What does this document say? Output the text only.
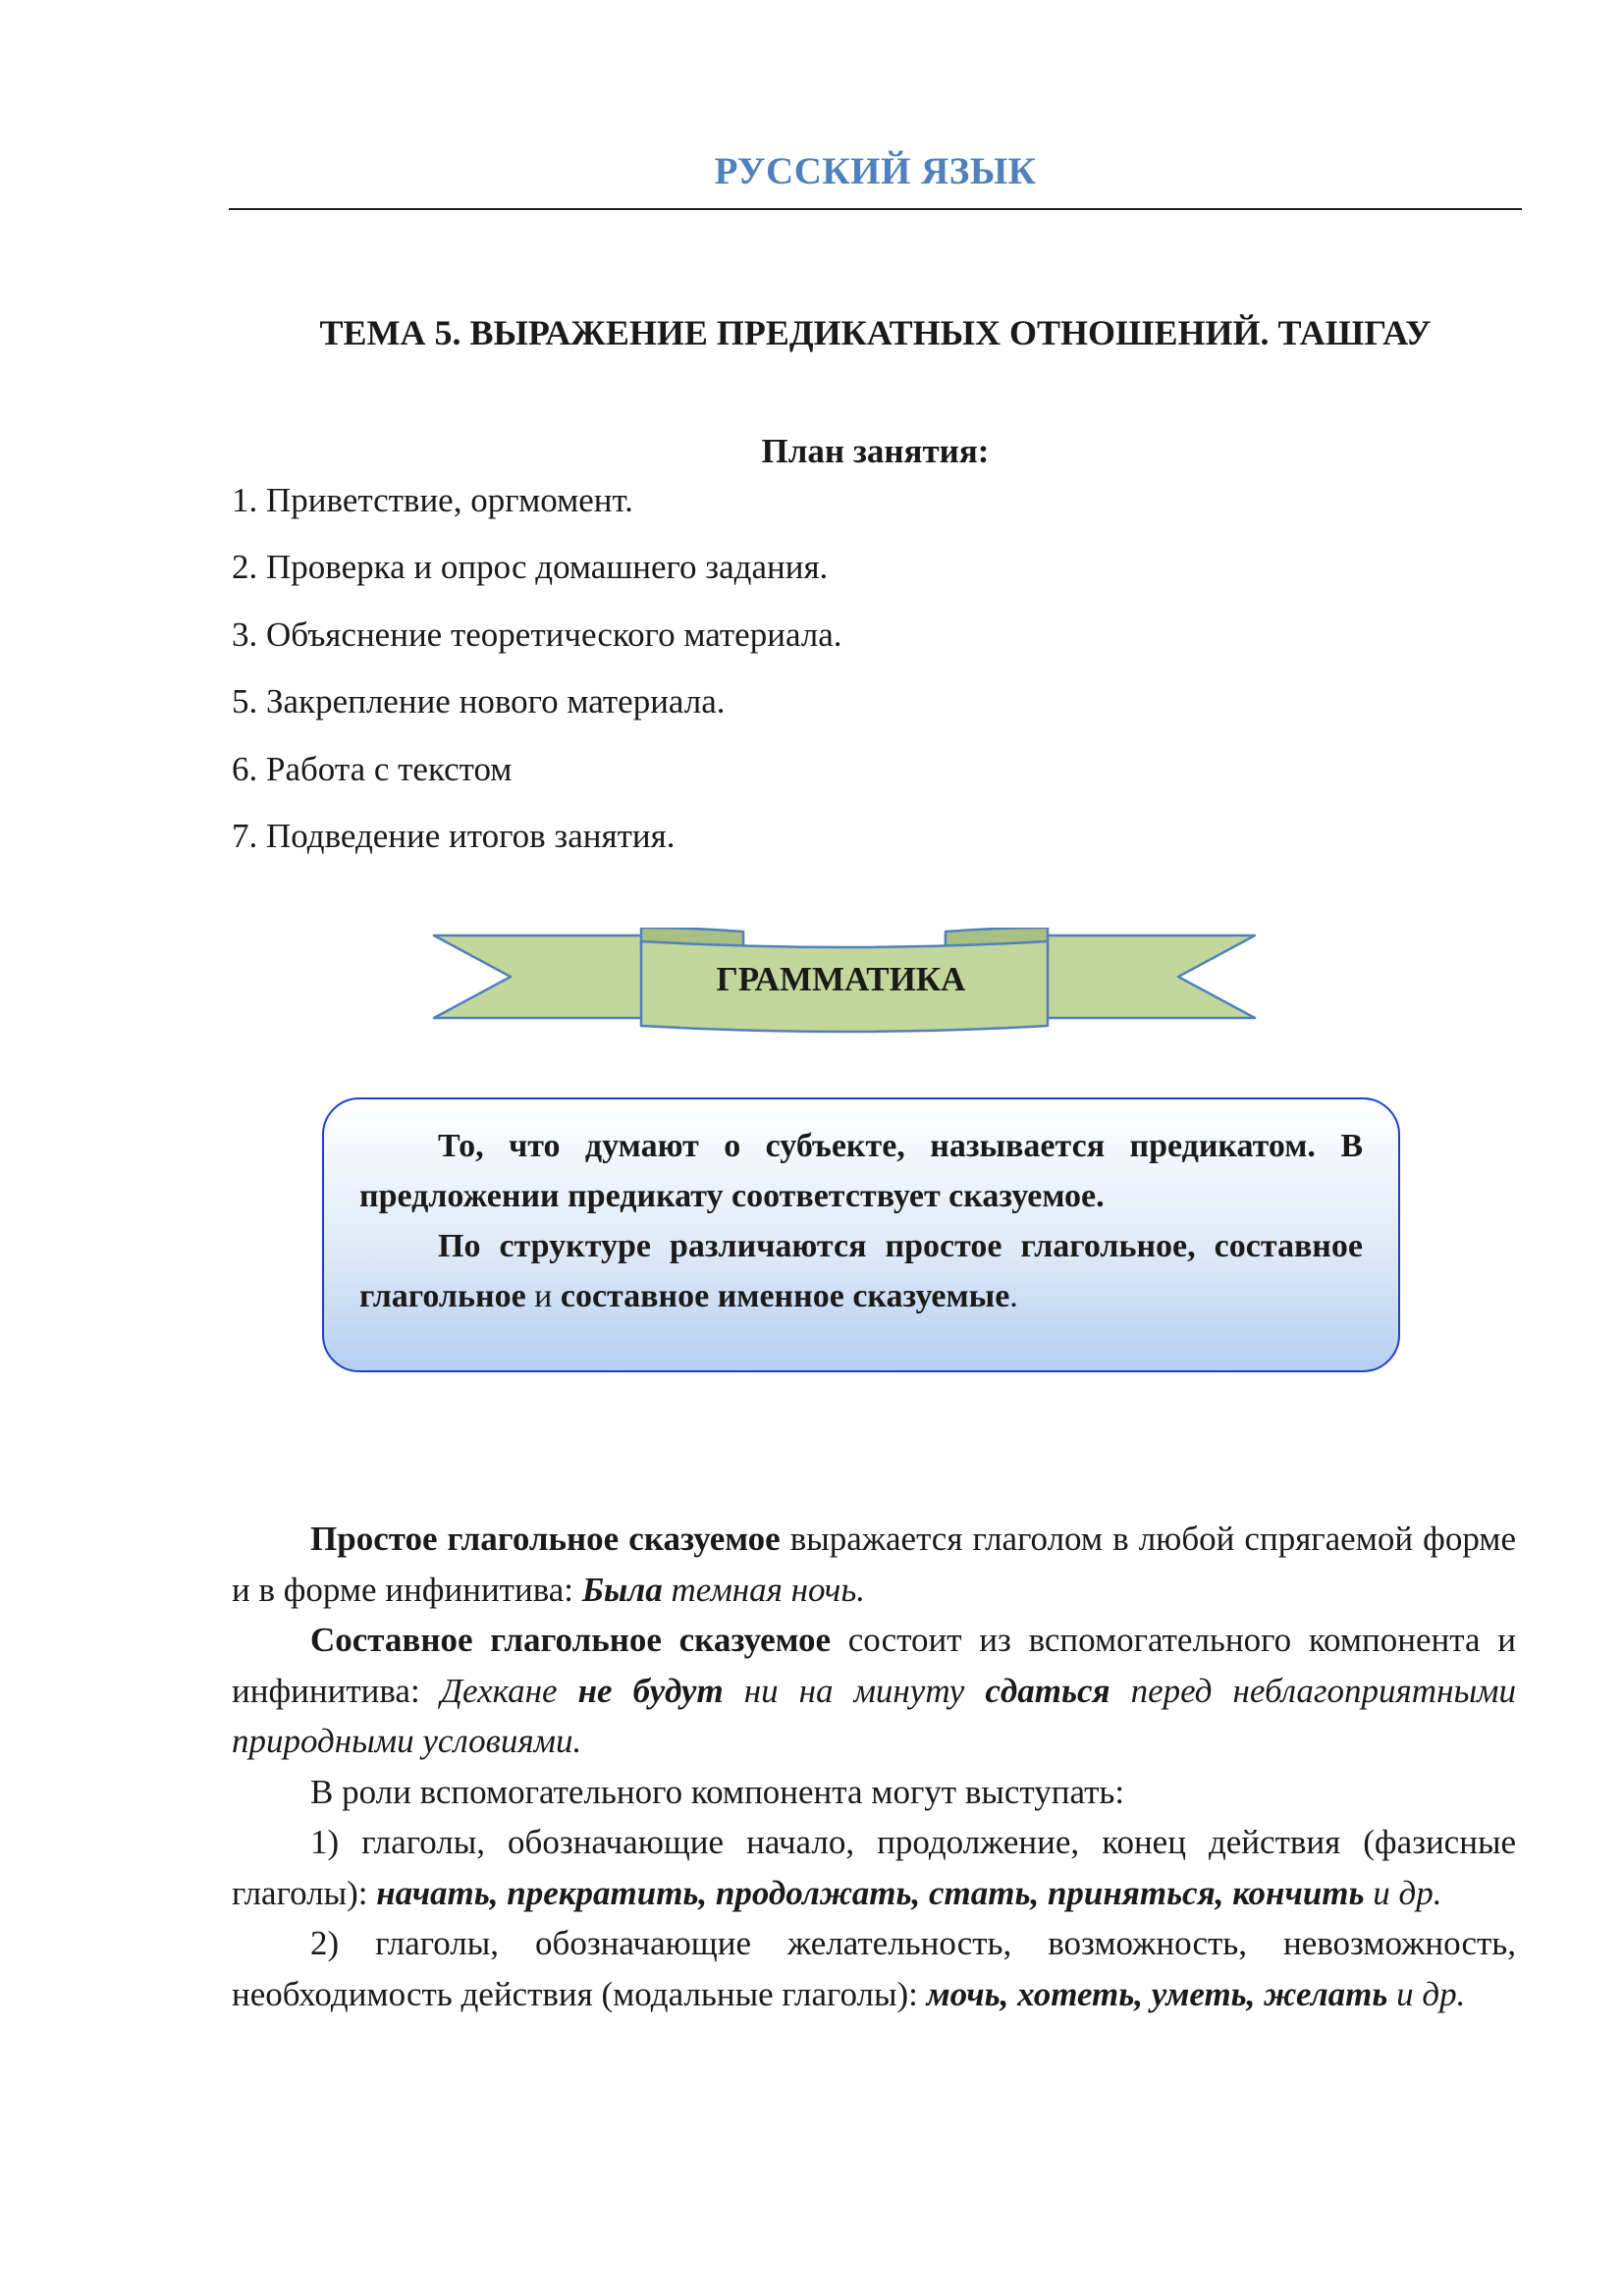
РУССКИЙ ЯЗЫК
ТЕМА 5. ВЫРАЖЕНИЕ ПРЕДИКАТНЫХ ОТНОШЕНИЙ. ТАШГАУ
План занятия:
1. Приветствие, оргмомент.
2. Проверка и опрос домашнего задания.
3. Объяснение теоретического материала.
5. Закрепление нового материала.
6. Работа с текстом
7. Подведение итогов занятия.
ГРАММАТИКА

То, что думают о субъекте, называется предикатом. В предложении предикату соответствует сказуемое.

По структуре различаются простое глагольное, составное глагольное и составное именное сказуемые.

Простое глагольное сказуемое выражается глаголом в любой спрягаемой форме и в форме инфинитива: Была темная ночь.

Составное глагольное сказуемое состоит из вспомогательного компонента и инфинитива: Дехкане не будут ни на минуту сдаться перед неблагоприятными природными условиями.

В роли вспомогательного компонента могут выступать:

1) глаголы, обозначающие начало, продолжение, конец действия (фазисные глаголы): начать, прекратить, продолжать, стать, приняться, кончить и др.

2) глаголы, обозначающие желательность, возможность, невозможность, необходимость действия (модальные глаголы): мочь, хотеть, уметь, желать и др.
